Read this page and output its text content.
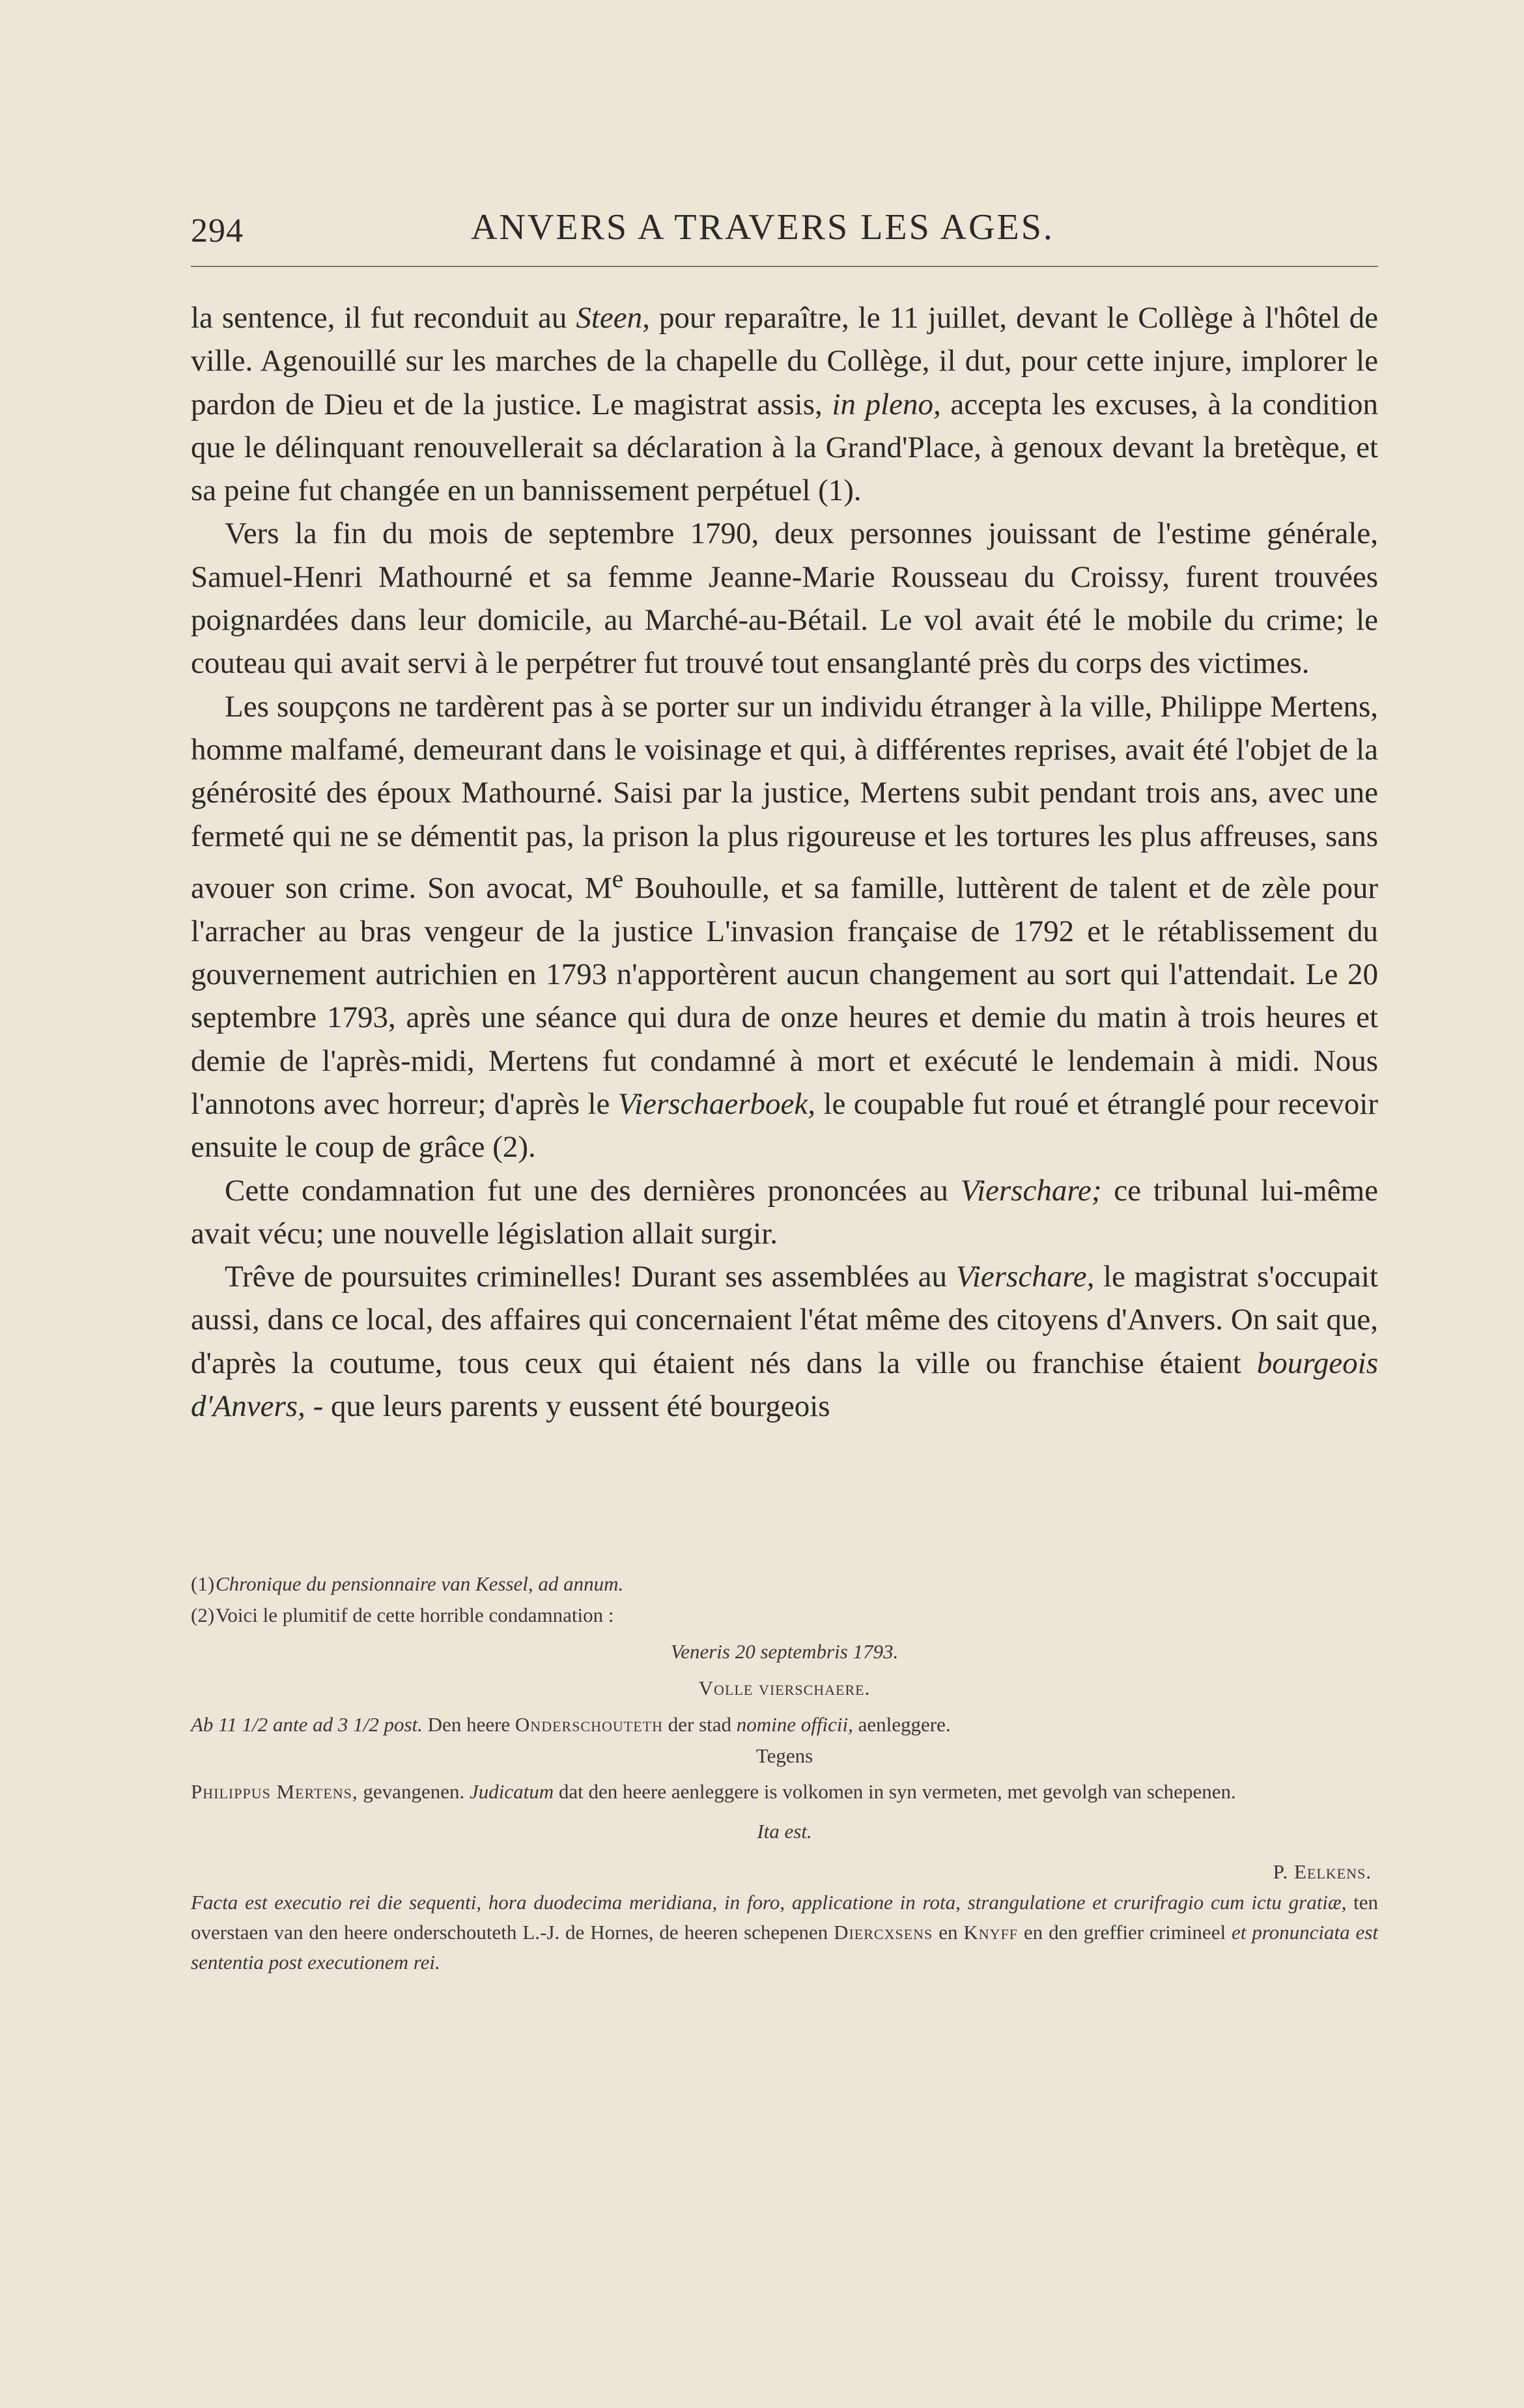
294	ANVERS A TRAVERS LES AGES.

la sentence, il fut reconduit au Steen, pour reparaître, le 11 juillet, devant le Collège à l'hôtel de ville. Agenouillé sur les marches de la chapelle du Collège, il dut, pour cette injure, implorer le pardon de Dieu et de la justice. Le magistrat assis, in pleno, accepta les excuses, à la condition que le délinquant renouvellerait sa déclaration à la Grand'Place, à genoux devant la bretèque, et sa peine fut changée en un bannissement perpétuel (1).

Vers la fin du mois de septembre 1790, deux personnes jouissant de l'estime générale, Samuel-Henri Mathourné et sa femme Jeanne-Marie Rousseau du Croissy, furent trouvées poignardées dans leur domicile, au Marché-au-Bétail. Le vol avait été le mobile du crime; le couteau qui avait servi à le perpétrer fut trouvé tout ensanglanté près du corps des victimes.

Les soupçons ne tardèrent pas à se porter sur un individu étranger à la ville, Philippe Mertens, homme malfamé, demeurant dans le voisinage et qui, à différentes reprises, avait été l'objet de la générosité des époux Mathourné. Saisi par la justice, Mertens subit pendant trois ans, avec une fermeté qui ne se démentit pas, la prison la plus rigoureuse et les tortures les plus affreuses, sans avouer son crime. Son avocat, Me Bouhoulle, et sa famille, luttèrent de talent et de zèle pour l'arracher au bras vengeur de la justice L'invasion française de 1792 et le rétablissement du gouvernement autrichien en 1793 n'apportèrent aucun changement au sort qui l'attendait. Le 20 septembre 1793, après une séance qui dura de onze heures et demie du matin à trois heures et demie de l'après-midi, Mertens fut condamné à mort et exécuté le lendemain à midi. Nous l'annotons avec horreur; d'après le Vierschaerboek, le coupable fut roué et étranglé pour recevoir ensuite le coup de grâce (2).

Cette condamnation fut une des dernières prononcées au Vierschare; ce tribunal lui-même avait vécu; une nouvelle législation allait surgir.

Trêve de poursuites criminelles! Durant ses assemblées au Vierschare, le magistrat s'occupait aussi, dans ce local, des affaires qui concernaient l'état même des citoyens d'Anvers. On sait que, d'après la coutume, tous ceux qui étaient nés dans la ville ou franchise étaient bourgeois d'Anvers, - que leurs parents y eussent été bourgeois

(1)Chronique du pensionnaire van Kessel, ad annum.
(2)Voici le plumitif de cette horrible condamnation :
Veneris 20 septembris 1793.
Volle vierschaere.
Ab 11 1/2 ante ad 3 1/2 post. Den heere Onderschouteth der stad nomine officii, aenleggere.
Tegens
Philippus Mertens, gevangenen. Judicatum dat den heere aenleggere is volkomen in syn vermeten, met gevolgh van schepenen.
Ita est.
P. Eelkens.
Facta est executio rei die sequenti, hora duodecima meridiana, in foro, applicatione in rota, strangulatione et crurifragio cum ictu gratiæ, ten overstaen van den heere onderschouteth L.-J. de Hornes, de heeren schepenen Diercxsens en Knyff en den greffier crimineel et pronunciata est sententia post executionem rei.
